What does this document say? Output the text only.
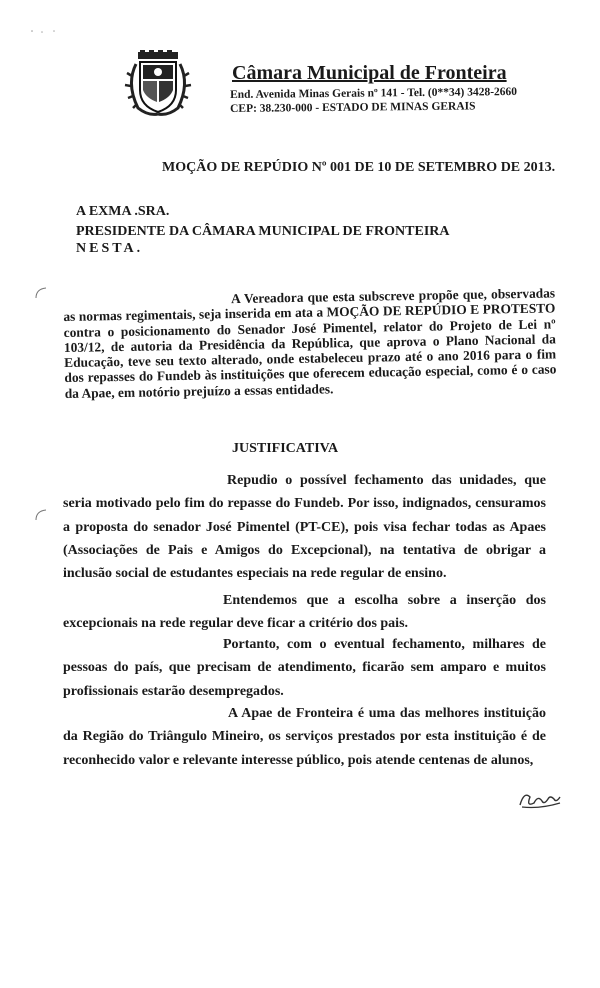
Câmara Municipal de Fronteira
End. Avenida Minas Gerais nº 141 - Tel. (0**34) 3428-2660
CEP: 38.230-000 - ESTADO DE MINAS GERAIS
MOÇÃO DE REPÚDIO Nº 001 DE 10 DE SETEMBRO DE 2013.
A EXMA .SRA.
PRESIDENTE DA CÂMARA MUNICIPAL DE FRONTEIRA
NESTA.
A Vereadora que esta subscreve propõe que, observadas as normas regimentais, seja inserida em ata a MOÇÃO DE REPÚDIO E PROTESTO contra o posicionamento do Senador José Pimentel, relator do Projeto de Lei nº 103/12, de autoria da Presidência da República, que aprova o Plano Nacional da Educação, teve seu texto alterado, onde estabeleceu prazo até o ano 2016 para o fim dos repasses do Fundeb às instituições que oferecem educação especial, como é o caso da Apae, em notório prejuízo a essas entidades.
JUSTIFICATIVA
Repudio o possível fechamento das unidades, que seria motivado pelo fim do repasse do Fundeb. Por isso, indignados, censuramos a proposta do senador José Pimentel (PT-CE), pois visa fechar todas as Apaes (Associações de Pais e Amigos do Excepcional), na tentativa de obrigar a inclusão social de estudantes especiais na rede regular de ensino.
Entendemos que a escolha sobre a inserção dos excepcionais na rede regular deve ficar a critério dos pais.
Portanto, com o eventual fechamento, milhares de pessoas do país, que precisam de atendimento, ficarão sem amparo e muitos profissionais estarão desempregados.
A Apae de Fronteira é uma das melhores instituição da Região do Triângulo Mineiro, os serviços prestados por esta instituição é de reconhecido valor e relevante interesse público, pois atende centenas de alunos,
